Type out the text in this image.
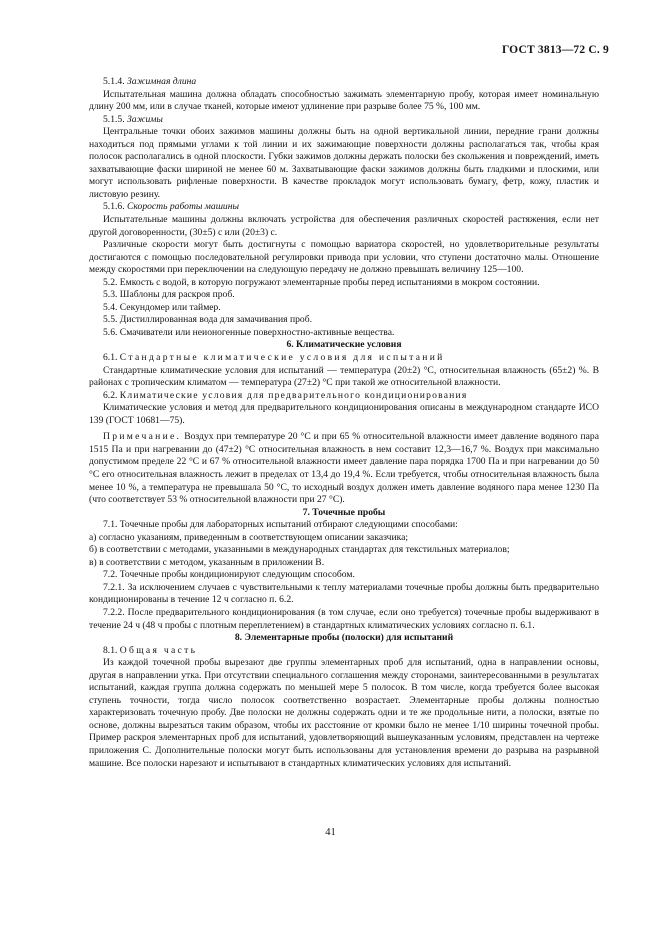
ГОСТ 3813—72 С. 9

5.1.4. Зажимная длина

Испытательная машина должна обладать способностью зажимать элементарную пробу, которая имеет номинальную длину 200 мм, или в случае тканей, которые имеют удлинение при разрыве более 75 %, 100 мм.

5.1.5. Зажимы

Центральные точки обоих зажимов машины должны быть на одной вертикальной линии, передние грани должны находиться под прямыми углами к той линии и их зажимающие поверхности должны располагаться так, чтобы края полосок располагались в одной плоскости. Губки зажимов должны держать полоски без скольжения и повреждений, иметь захватывающие фаски шириной не менее 60 м. Захватывающие фаски зажимов должны быть гладкими и плоскими, или могут использовать рифленые поверхности. В качестве прокладок могут использовать бумагу, фетр, кожу, пластик и листовую резину.

5.1.6. Скорость работы машины

Испытательные машины должны включать устройства для обеспечения различных скоростей растяжения, если нет другой договоренности, (30±5) с или (20±3) с.

Различные скорости могут быть достигнуты с помощью вариатора скоростей, но удовлетворительные результаты достигаются с помощью последовательной регулировки привода при условии, что ступени достаточно малы. Отношение между скоростями при переключении на следующую передачу не должно превышать величину 125—100.

5.2. Емкость с водой, в которую погружают элементарные пробы перед испытаниями в мокром состоянии.

5.3. Шаблоны для раскроя проб.

5.4. Секундомер или таймер.

5.5. Дистиллированная вода для замачивания проб.

5.6. Смачиватели или неионогенные поверхностно-активные вещества.

6. Климатические условия

6.1. Стандартные климатические условия для испытаний

Стандартные климатические условия для испытаний — температура (20±2) °С, относительная влажность (65±2) %. В районах с тропическим климатом — температура (27±2) °С при такой же относительной влажности.

6.2. Климатические условия для предварительного кондиционирования

Климатические условия и метод для предварительного кондиционирования описаны в международном стандарте ИСО 139 (ГОСТ 10681—75).

Примечание. Воздух при температуре 20 °С и при 65 % относительной влажности имеет давление водяного пара 1515 Па и при нагревании до (47±2) °С относительная влажность в нем составит 12,3—16,7 %. Воздух при максимально допустимом пределе 22 °С и 67 % относительной влажности имеет давление пара порядка 1700 Па и при нагревании до 50 °С его относительная влажность лежит в пределах от 13,4 до 19,4 %. Если требуется, чтобы относительная влажность была менее 10 %, а температура не превышала 50 °С, то исходный воздух должен иметь давление водяного пара менее 1230 Па (что соответствует 53 % относительной влажности при 27 °С).

7. Точечные пробы

7.1. Точечные пробы для лабораторных испытаний отбирают следующими способами:

а) согласно указаниям, приведенным в соответствующем описании заказчика;

б) в соответствии с методами, указанными в международных стандартах для текстильных материалов;

в) в соответствии с методом, указанным в приложении В.

7.2. Точечные пробы кондиционируют следующим способом.

7.2.1. За исключением случаев с чувствительными к теплу материалами точечные пробы должны быть предварительно кондиционированы в течение 12 ч согласно п. 6.2.

7.2.2. После предварительного кондиционирования (в том случае, если оно требуется) точечные пробы выдерживают в течение 24 ч (48 ч пробы с плотным переплетением) в стандартных климатических условиях согласно п. 6.1.

8. Элементарные пробы (полоски) для испытаний

8.1. Общая часть

Из каждой точечной пробы вырезают две группы элементарных проб для испытаний, одна в направлении основы, другая в направлении утка. При отсутствии специального соглашения между сторонами, заинтересованными в результатах испытаний, каждая группа должна содержать по меньшей мере 5 полосок. В том числе, когда требуется более высокая ступень точности, тогда число полосок соответственно возрастает. Элементарные пробы должны полностью характеризовать точечную пробу. Две полоски не должны содержать одни и те же продольные нити, а полоски, взятые по основе, должны вырезаться таким образом, чтобы их расстояние от кромки было не менее 1/10 ширины точечной пробы. Пример раскроя элементарных проб для испытаний, удовлетворяющий вышеуказанным условиям, представлен на чертеже приложения С. Дополнительные полоски могут быть использованы для установления времени до разрыва на разрывной машине. Все полоски нарезают и испытывают в стандартных климатических условиях для испытаний.

41
